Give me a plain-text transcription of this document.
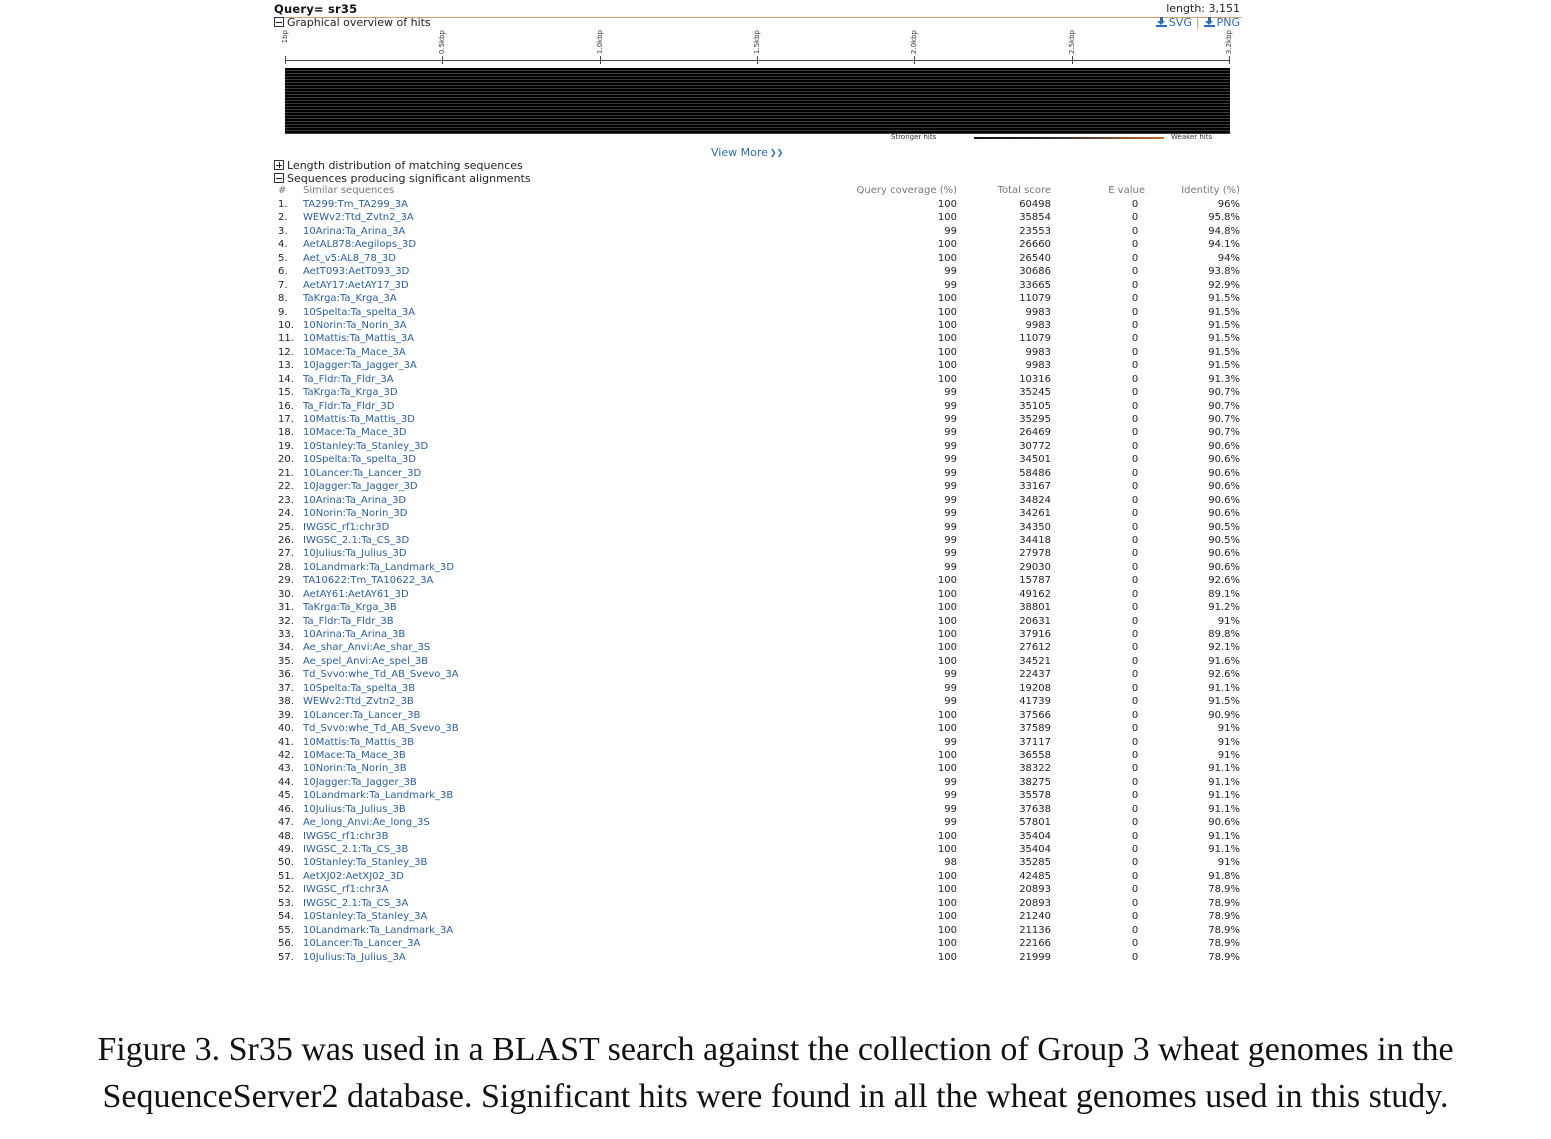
Query= sr35	length: 3,151
Graphical overview of hits	SVG | PNG
1bp	0.5kbp	1.0kbp	1.5kbp	2.0kbp	2.5kbp	3.2kbp
Stronger hits	Weaker hits
View More ❯❯
Length distribution of matching sequences
Sequences producing significant alignments
#	Similar sequences	Query coverage (%)	Total score	E value	Identity (%)
1.	TA299:Tm_TA299_3A	100	60498	0	96%
2.	WEWv2:Ttd_Zvtn2_3A	100	35854	0	95.8%
3.	10Arina:Ta_Arina_3A	99	23553	0	94.8%
4.	AetAL878:Aegilops_3D	100	26660	0	94.1%
5.	Aet_v5:AL8_78_3D	100	26540	0	94%
6.	AetT093:AetT093_3D	99	30686	0	93.8%
7.	AetAY17:AetAY17_3D	99	33665	0	92.9%
8.	TaKrga:Ta_Krga_3A	100	11079	0	91.5%
9.	10Spelta:Ta_spelta_3A	100	9983	0	91.5%
10. 10Norin:Ta_Norin_3A	100	9983	0	91.5%
11. 10Mattis:Ta_Mattis_3A	100	11079	0	91.5%
12. 10Mace:Ta_Mace_3A	100	9983	0	91.5%
13. 10Jagger:Ta_Jagger_3A	100	9983	0	91.5%
14. Ta_Fldr:Ta_Fldr_3A	100	10316	0	91.3%
15. TaKrga:Ta_Krga_3D	99	35245	0	90.7%
16. Ta_Fldr:Ta_Fldr_3D	99	35105	0	90.7%
17. 10Mattis:Ta_Mattis_3D	99	35295	0	90.7%
18. 10Mace:Ta_Mace_3D	99	26469	0	90.7%
19. 10Stanley:Ta_Stanley_3D	99	30772	0	90.6%
20. 10Spelta:Ta_spelta_3D	99	34501	0	90.6%
21. 10Lancer:Ta_Lancer_3D	99	58486	0	90.6%
22. 10Jagger:Ta_Jagger_3D	99	33167	0	90.6%
23. 10Arina:Ta_Arina_3D	99	34824	0	90.6%
24. 10Norin:Ta_Norin_3D	99	34261	0	90.6%
25. IWGSC_rf1:chr3D	99	34350	0	90.5%
26. IWGSC_2.1:Ta_CS_3D	99	34418	0	90.5%
27. 10Julius:Ta_Julius_3D	99	27978	0	90.6%
28. 10Landmark:Ta_Landmark_3D	99	29030	0	90.6%
29. TA10622:Tm_TA10622_3A	100	15787	0	92.6%
30. AetAY61:AetAY61_3D	100	49162	0	89.1%
31. TaKrga:Ta_Krga_3B	100	38801	0	91.2%
32. Ta_Fldr:Ta_Fldr_3B	100	20631	0	91%
33. 10Arina:Ta_Arina_3B	100	37916	0	89.8%
34. Ae_shar_Anvi:Ae_shar_3S	100	27612	0	92.1%
35. Ae_spel_Anvi:Ae_spel_3B	100	34521	0	91.6%
36. Td_Svvo:whe_Td_AB_Svevo_3A	99	22437	0	92.6%
37. 10Spelta:Ta_spelta_3B	99	19208	0	91.1%
38. WEWv2:Ttd_Zvtn2_3B	99	41739	0	91.5%
39. 10Lancer:Ta_Lancer_3B	100	37566	0	90.9%
40. Td_Svvo:whe_Td_AB_Svevo_3B	100	37589	0	91%
41. 10Mattis:Ta_Mattis_3B	99	37117	0	91%
42. 10Mace:Ta_Mace_3B	100	36558	0	91%
43. 10Norin:Ta_Norin_3B	100	38322	0	91.1%
44. 10Jagger:Ta_Jagger_3B	99	38275	0	91.1%
45. 10Landmark:Ta_Landmark_3B	99	35578	0	91.1%
46. 10Julius:Ta_Julius_3B	99	37638	0	91.1%
47. Ae_long_Anvi:Ae_long_3S	99	57801	0	90.6%
48. IWGSC_rf1:chr3B	100	35404	0	91.1%
49. IWGSC_2.1:Ta_CS_3B	100	35404	0	91.1%
50. 10Stanley:Ta_Stanley_3B	98	35285	0	91%
51. AetXJ02:AetXJ02_3D	100	42485	0	91.8%
52. IWGSC_rf1:chr3A	100	20893	0	78.9%
53. IWGSC_2.1:Ta_CS_3A	100	20893	0	78.9%
54. 10Stanley:Ta_Stanley_3A	100	21240	0	78.9%
55. 10Landmark:Ta_Landmark_3A	100	21136	0	78.9%
56. 10Lancer:Ta_Lancer_3A	100	22166	0	78.9%
57. 10Julius:Ta_Julius_3A	100	21999	0	78.9%
Figure 3. Sr35 was used in a BLAST search against the collection of Group 3 wheat genomes in the
SequenceServer2 database. Significant hits were found in all the wheat genomes used in this study.
